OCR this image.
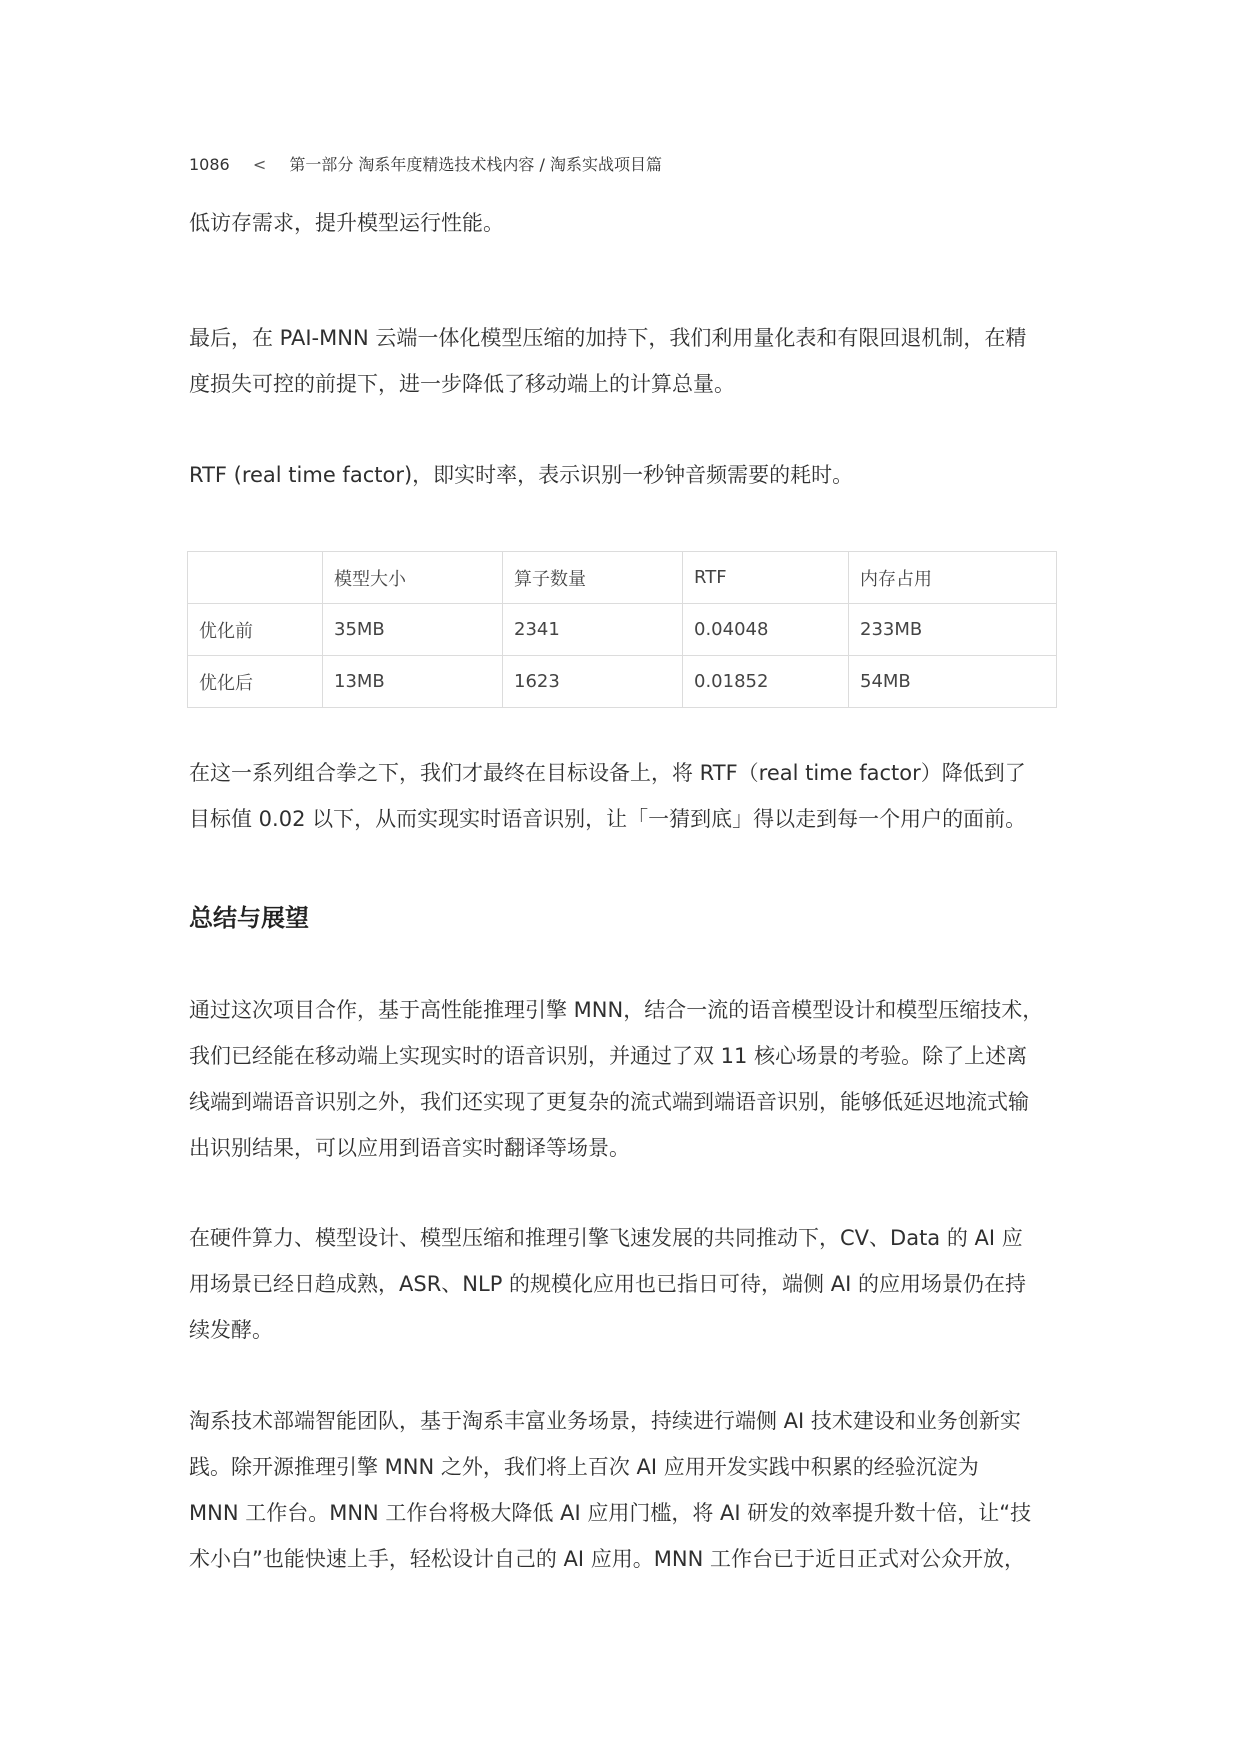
1086 < 第一部分 淘系年度精选技术栈内容 / 淘系实战项目篇

低访存需求，提升模型运行性能。

最后，在 PAI-MNN 云端一体化模型压缩的加持下，我们利用量化表和有限回退机制，在精
度损失可控的前提下，进一步降低了移动端上的计算总量。

RTF (real time factor)，即实时率，表示识别一秒钟音频需要的耗时。

	模型大小	算子数量	RTF	内存占用
优化前	35MB	2341	0.04048	233MB
优化后	13MB	1623	0.01852	54MB

在这一系列组合拳之下，我们才最终在目标设备上，将 RTF（real time factor）降低到了
目标值 0.02 以下，从而实现实时语音识别，让「一猜到底」得以走到每一个用户的面前。

总结与展望

通过这次项目合作，基于高性能推理引擎 MNN，结合一流的语音模型设计和模型压缩技术，
我们已经能在移动端上实现实时的语音识别，并通过了双 11 核心场景的考验。除了上述离
线端到端语音识别之外，我们还实现了更复杂的流式端到端语音识别，能够低延迟地流式输
出识别结果，可以应用到语音实时翻译等场景。

在硬件算力、模型设计、模型压缩和推理引擎飞速发展的共同推动下，CV、Data 的 AI 应
用场景已经日趋成熟，ASR、NLP 的规模化应用也已指日可待，端侧 AI 的应用场景仍在持
续发酵。

淘系技术部端智能团队，基于淘系丰富业务场景，持续进行端侧 AI 技术建设和业务创新实
践。除开源推理引擎 MNN 之外，我们将上百次 AI 应用开发实践中积累的经验沉淀为
MNN 工作台。MNN 工作台将极大降低 AI 应用门槛，将 AI 研发的效率提升数十倍，让“技
术小白”也能快速上手，轻松设计自己的 AI 应用。MNN 工作台已于近日正式对公众开放，
